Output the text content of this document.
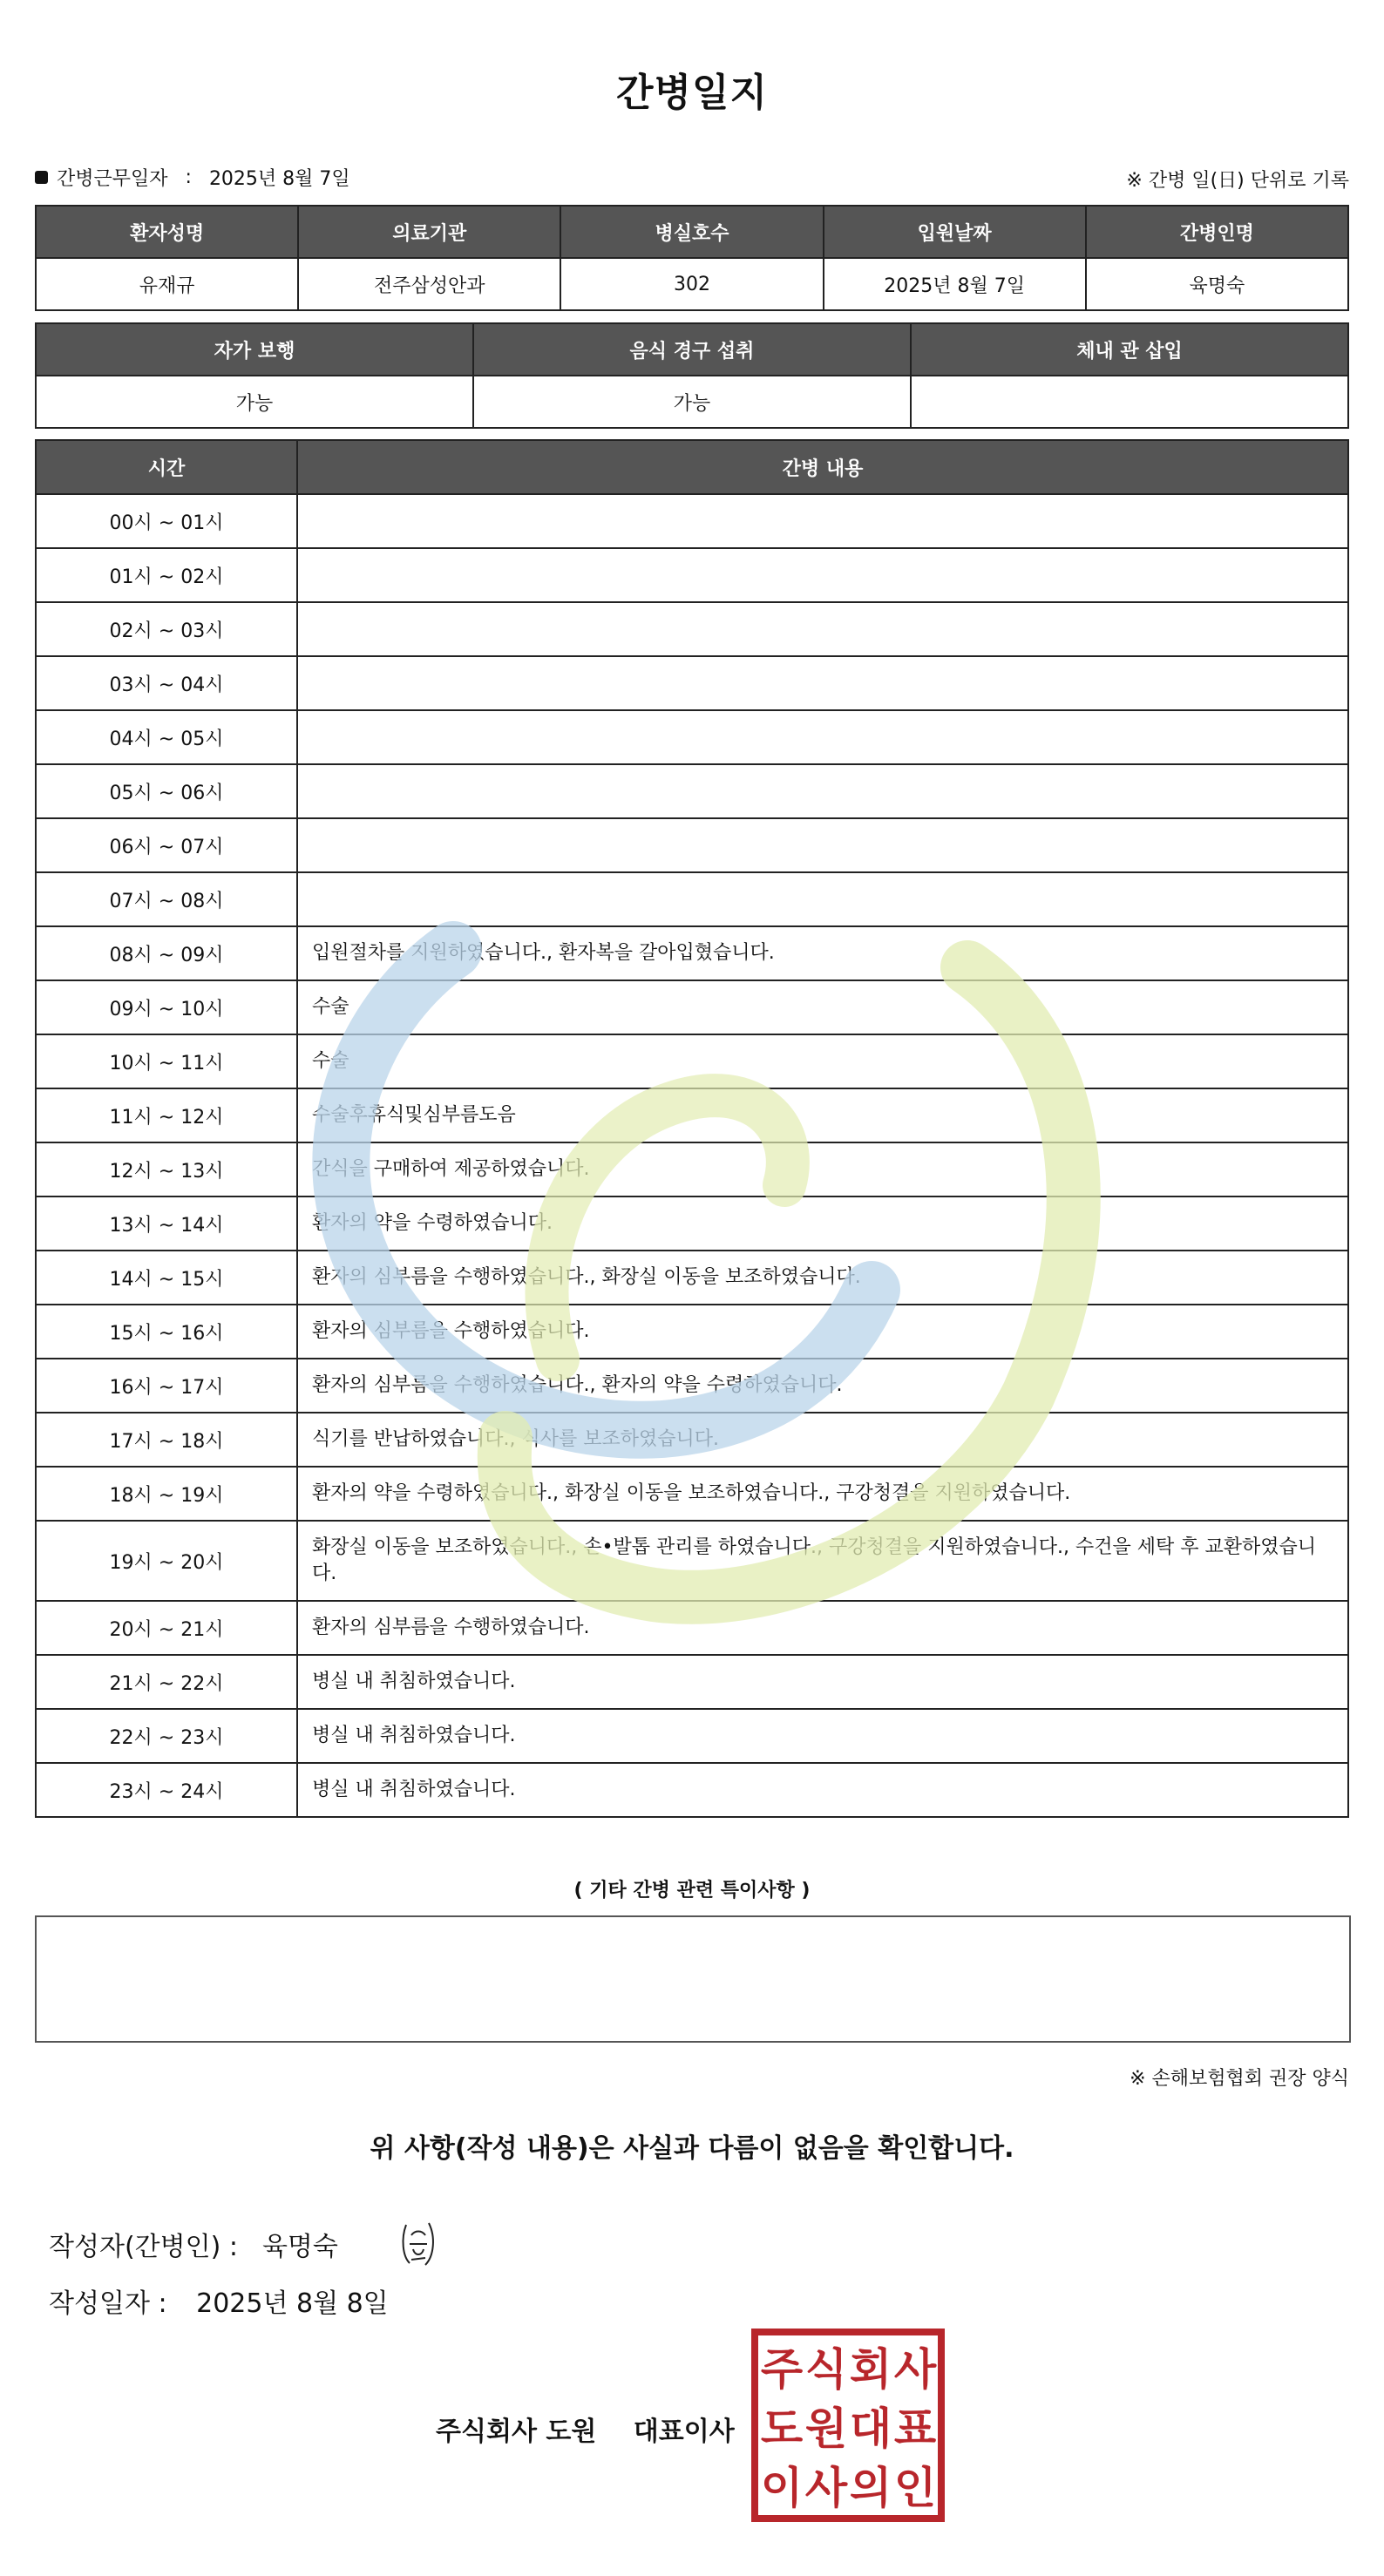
간병일지
간병근무일자 : 2025년 8월 7일	※ 간병 일(日) 단위로 기록
환자성명	의료기관	병실호수	입원날짜	간병인명
유재규	전주삼성안과	302	2025년 8월 7일	육명숙
자가 보행	음식 경구 섭취	체내 관 삽입
가능	가능	
시간	간병 내용
00시 ~ 01시	
01시 ~ 02시	
02시 ~ 03시	
03시 ~ 04시	
04시 ~ 05시	
05시 ~ 06시	
06시 ~ 07시	
07시 ~ 08시	
08시 ~ 09시	입원절차를 지원하였습니다., 환자복을 갈아입혔습니다.
09시 ~ 10시	수술
10시 ~ 11시	수술
11시 ~ 12시	수술후휴식및심부름도음
12시 ~ 13시	간식을 구매하여 제공하였습니다.
13시 ~ 14시	환자의 약을 수령하였습니다.
14시 ~ 15시	환자의 심부름을 수행하였습니다., 화장실 이동을 보조하였습니다.
15시 ~ 16시	환자의 심부름을 수행하였습니다.
16시 ~ 17시	환자의 심부름을 수행하였습니다., 환자의 약을 수령하였습니다.
17시 ~ 18시	식기를 반납하였습니다., 식사를 보조하였습니다.
18시 ~ 19시	환자의 약을 수령하였습니다., 화장실 이동을 보조하였습니다., 구강청결을 지원하였습니다.
19시 ~ 20시	화장실 이동을 보조하였습니다., 손•발톱 관리를 하였습니다., 구강청결을 지원하였습니다., 수건을 세탁 후 교환하였습니다.
20시 ~ 21시	환자의 심부름을 수행하였습니다.
21시 ~ 22시	병실 내 취침하였습니다.
22시 ~ 23시	병실 내 취침하였습니다.
23시 ~ 24시	병실 내 취침하였습니다.
( 기타 간병 관련 특이사항 )
※ 손해보험협회 권장 양식
위 사항(작성 내용)은 사실과 다름이 없음을 확인합니다.
작성자(간병인) : 육명숙
작성일자 : 2025년 8월 8일
주식회사 도원 대표이사
주 식 회 사
도 원 대 표
이 사 의 인
